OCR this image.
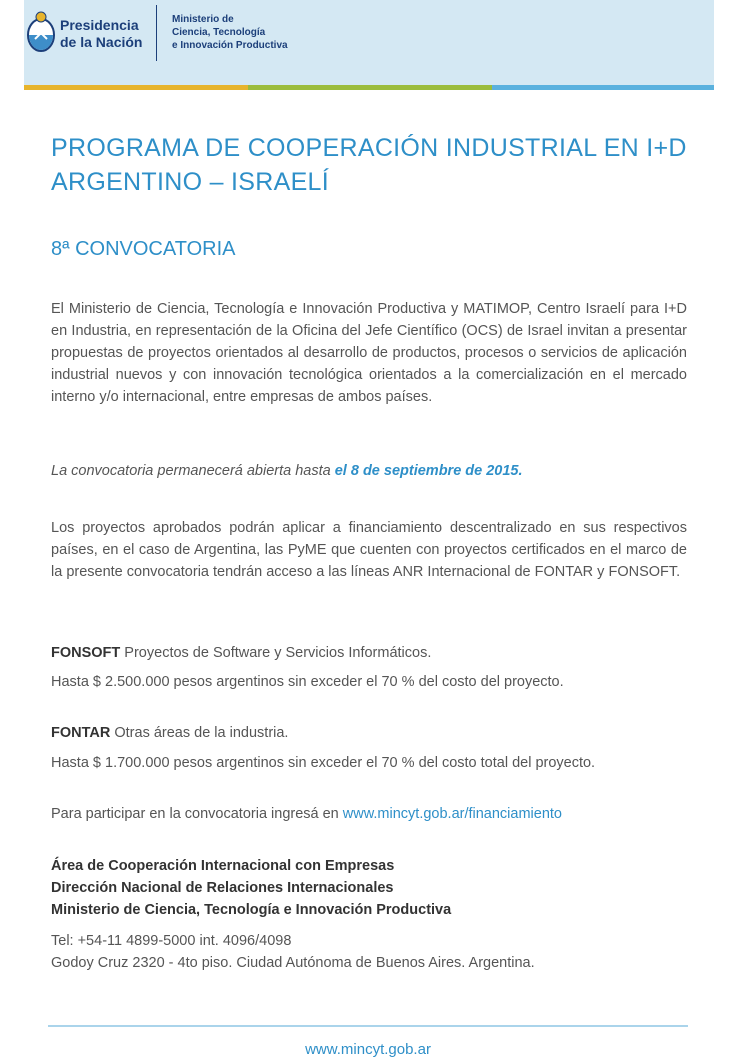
Presidencia
de la Nación
Ministerio de
Ciencia, Tecnología
e Innovación Productiva
PROGRAMA DE COOPERACIÓN INDUSTRIAL EN I+D
ARGENTINO – ISRAELÍ
8ª CONVOCATORIA

El Ministerio de Ciencia, Tecnología e Innovación Productiva y MATIMOP, Centro Israelí para I+D en Industria, en representación de la Oficina del Jefe Científico (OCS) de Israel invitan a presentar propuestas de proyectos orientados al desarrollo de productos, procesos o servicios de aplicación industrial nuevos y con innovación tecnológica orientados a la comercialización en el mercado interno y/o internacional, entre empresas de ambos países.

La convocatoria permanecerá abierta hasta el 8 de septiembre de 2015.

Los proyectos aprobados podrán aplicar a financiamiento descentralizado en sus respectivos países, en el caso de Argentina, las PyME que cuenten con proyectos certificados en el marco de la presente convocatoria tendrán acceso a las líneas ANR Internacional de FONTAR y FONSOFT.

FONSOFT Proyectos de Software y Servicios Informáticos.
Hasta $ 2.500.000 pesos argentinos sin exceder el 70 % del costo del proyecto.
FONTAR Otras áreas de la industria.
Hasta $ 1.700.000 pesos argentinos sin exceder el 70 % del costo total del proyecto.
Para participar en la convocatoria ingresá en www.mincyt.gob.ar/financiamiento
Área de Cooperación Internacional con Empresas
Dirección Nacional de Relaciones Internacionales
Ministerio de Ciencia, Tecnología e Innovación Productiva
Tel: +54-11 4899-5000 int. 4096/4098
Godoy Cruz 2320 - 4to piso. Ciudad Autónoma de Buenos Aires. Argentina.
www.mincyt.gob.ar
